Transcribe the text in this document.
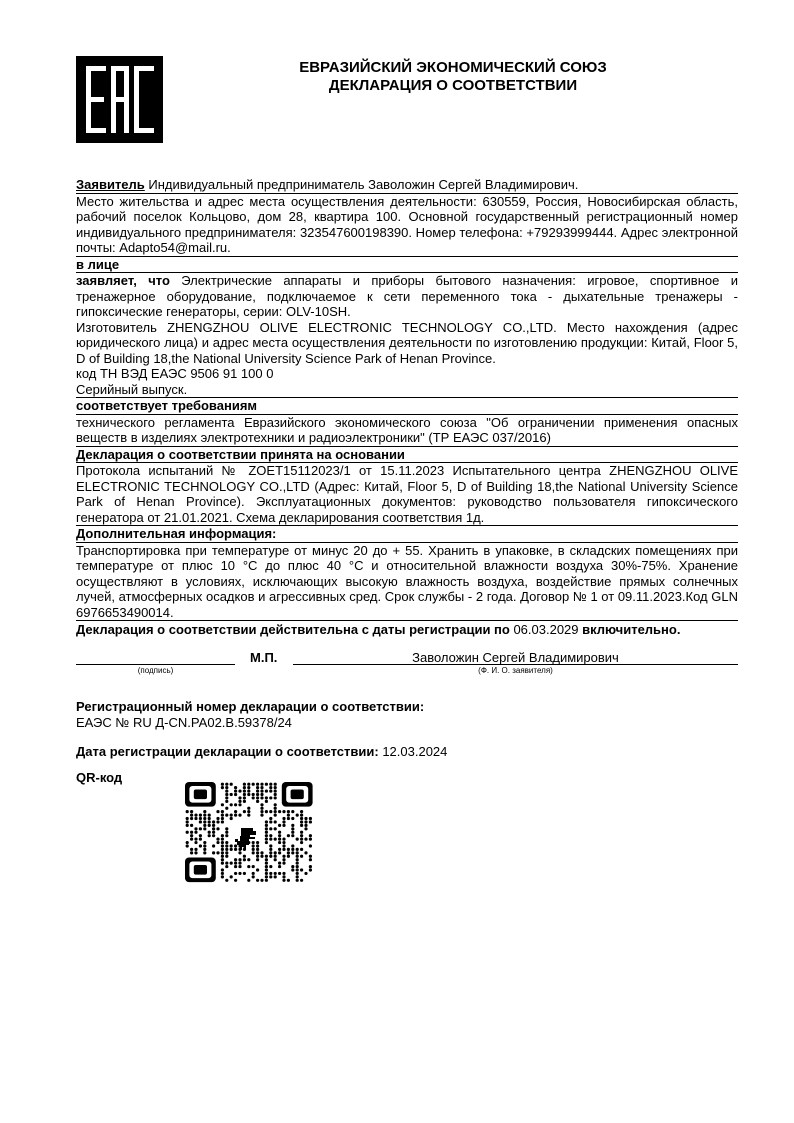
ЕВРАЗИЙСКИЙ ЭКОНОМИЧЕСКИЙ СОЮЗ
ДЕКЛАРАЦИЯ О СООТВЕТСТВИИ
Заявитель Индивидуальный предприниматель Заволожин Сергей Владимирович.
Место жительства и адрес места осуществления деятельности: 630559, Россия, Новосибирская область, рабочий поселок Кольцово, дом 28, квартира 100. Основной государственный регистрационный номер индивидуального предпринимателя: 323547600198390. Номер телефона: +79293999444. Адрес электронной почты: Adapto54@mail.ru.
в лице
заявляет, что Электрические аппараты и приборы бытового назначения: игровое, спортивное и тренажерное оборудование, подключаемое к сети переменного тока - дыхательные тренажеры - гипоксические генераторы, серии: OLV-10SH.
Изготовитель ZHENGZHOU OLIVE ELECTRONIC TECHNOLOGY CO.,LTD. Место нахождения (адрес юридического лица) и адрес места осуществления деятельности по изготовлению продукции: Китай, Floor 5, D of Building 18,the National University Science Park of Henan Province.
код ТН ВЭД ЕАЭС 9506 91 100 0
Серийный выпуск.
соответствует требованиям
технического регламента Евразийского экономического союза "Об ограничении применения опасных веществ в изделиях электротехники и радиоэлектроники" (ТР ЕАЭС 037/2016)
Декларация о соответствии принята на основании
Протокола испытаний № ZOET15112023/1 от 15.11.2023 Испытательного центра ZHENGZHOU OLIVE ELECTRONIC TECHNOLOGY CO.,LTD (Адрес: Китай, Floor 5, D of Building 18,the National University Science Park of Henan Province). Эксплуатационных документов: руководство пользователя гипоксического генератора от 21.01.2021. Схема декларирования соответствия 1д.
Дополнительная информация:
Транспортировка при температуре от минус 20 до + 55. Хранить в упаковке, в складских помещениях при температуре от плюс 10 °С до плюс 40 °С и относительной влажности воздуха 30%-75%. Хранение осуществляют в условиях, исключающих высокую влажность воздуха, воздействие прямых солнечных лучей, атмосферных осадков и агрессивных сред. Срок службы - 2 года. Договор № 1 от 09.11.2023.Код GLN 6976653490014.
Декларация о соответствии действительна с даты регистрации по 06.03.2029 включительно.
(подпись)
М.П.	Заволожин Сергей Владимирович
(Ф. И. О. заявителя)
Регистрационный номер декларации о соответствии:
ЕАЭС № RU Д-CN.РА02.В.59378/24
Дата регистрации декларации о соответствии: 12.03.2024
QR-код
